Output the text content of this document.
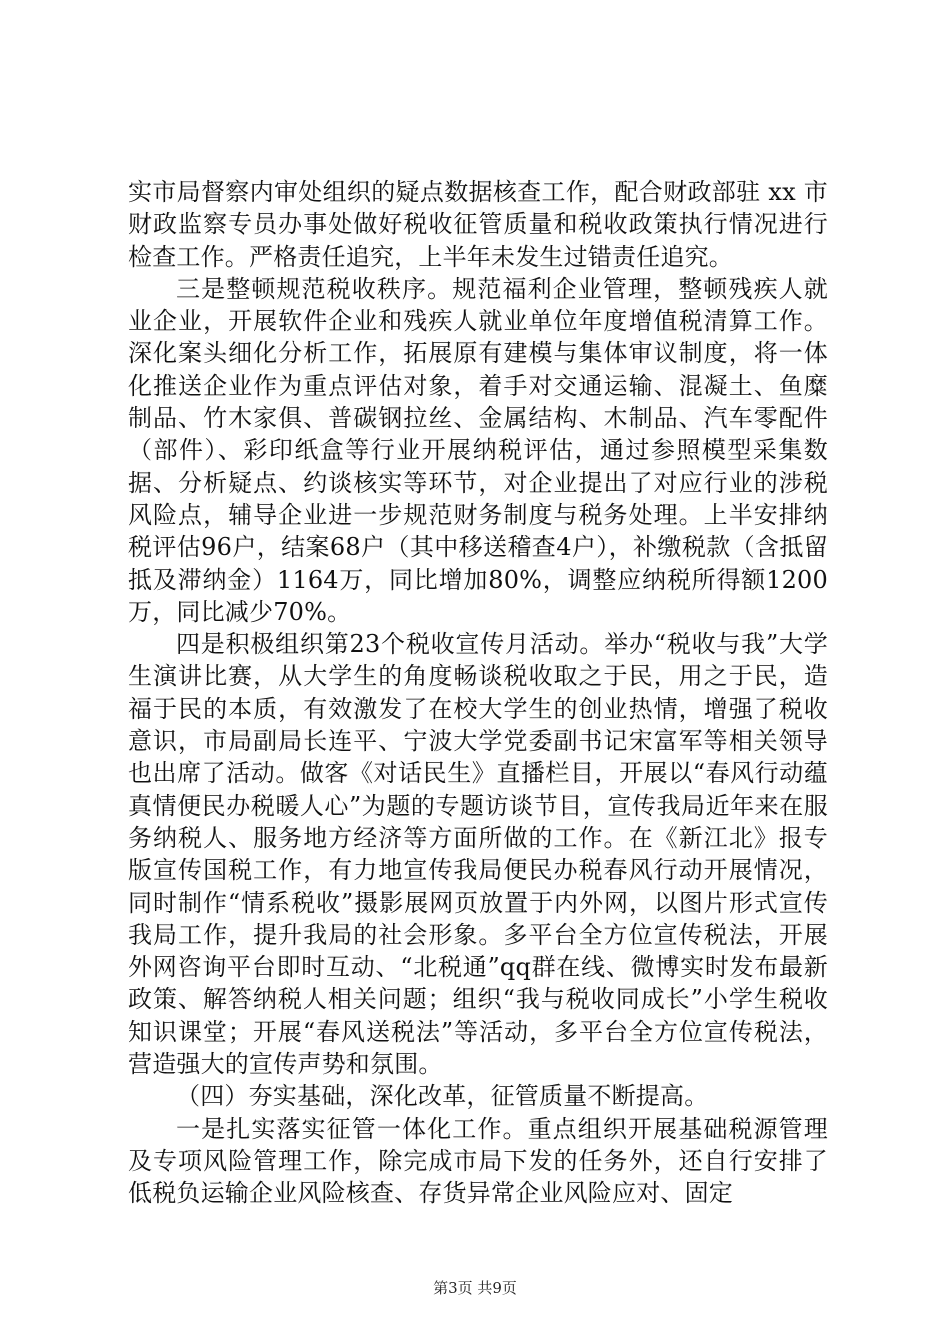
实市局督察内审处组织的疑点数据核查工作，配合财政部驻 xx 市财政监察专员办事处做好税收征管质量和税收政策执行情况进行检查工作。严格责任追究，上半年未发生过错责任追究。

三是整顿规范税收秩序。规范福利企业管理，整顿残疾人就业企业，开展软件企业和残疾人就业单位年度增值税清算工作。深化案头细化分析工作，拓展原有建模与集体审议制度，将一体化推送企业作为重点评估对象，着手对交通运输、混凝土、鱼糜制品、竹木家俱、普碳钢拉丝、金属结构、木制品、汽车零配件（部件）、彩印纸盒等行业开展纳税评估，通过参照模型采集数据、分析疑点、约谈核实等环节，对企业提出了对应行业的涉税风险点，辅导企业进一步规范财务制度与税务处理。上半安排纳税评估96户，结案68户（其中移送稽查4户），补缴税款（含抵留抵及滞纳金）1164万，同比增加80%，调整应纳税所得额1200万，同比减少70%。

四是积极组织第23个税收宣传月活动。举办“税收与我”大学生演讲比赛，从大学生的角度畅谈税收取之于民，用之于民，造福于民的本质，有效激发了在校大学生的创业热情，增强了税收意识，市局副局长连平、宁波大学党委副书记宋富军等相关领导也出席了活动。做客《对话民生》直播栏目，开展以“春风行动蕴真情便民办税暖人心”为题的专题访谈节目，宣传我局近年来在服务纳税人、服务地方经济等方面所做的工作。在《新江北》报专版宣传国税工作，有力地宣传我局便民办税春风行动开展情况，同时制作“情系税收”摄影展网页放置于内外网，以图片形式宣传我局工作，提升我局的社会形象。多平台全方位宣传税法，开展外网咨询平台即时互动、“北税通”qq群在线、微博实时发布最新政策、解答纳税人相关问题；组织“我与税收同成长”小学生税收知识课堂；开展“春风送税法”等活动，多平台全方位宣传税法，营造强大的宣传声势和氛围。

（四）夯实基础，深化改革，征管质量不断提高。

一是扎实落实征管一体化工作。重点组织开展基础税源管理及专项风险管理工作，除完成市局下发的任务外，还自行安排了低税负运输企业风险核查、存货异常企业风险应对、固定

第3页 共9页
